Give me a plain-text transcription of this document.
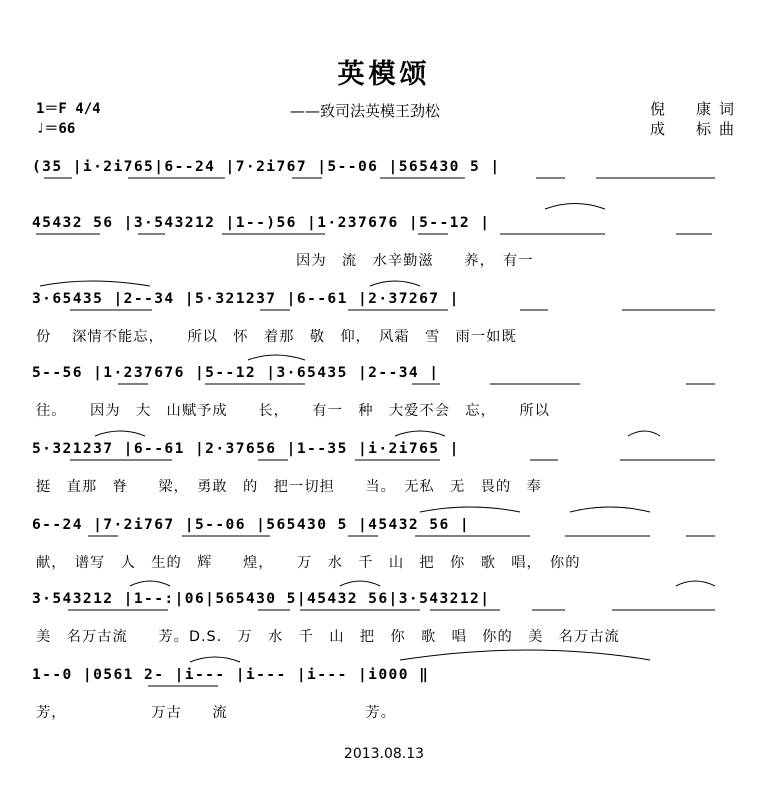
英模颂
——致司法英模王劲松
1＝F 4/4
♩＝66
倪　康词
成　标曲
(35 |i·2i765|6--24 |7·2i767 |5--06 |565430 5 |
45432 56 |3·543212 |1--)56 |1·237676 |5--12 |
　　　　　　　　　　　　　　　　　因为　流　水辛勤滋　　养，　有一
3·65435 |2--34 |5·321237 |6--61 |2·37267 |
份　 深情不能忘，　　所以　怀　着那　敬　仰，　风霜　雪　雨一如既
5--56 |1·237676 |5--12 |3·65435 |2--34 |
往。　　因为　大　山赋予成　　长，　　有一　种　大爱不会　忘，　　所以
5·321237 |6--61 |2·37656 |1--35 |i·2i765 |
挺　直那　脊　　梁，　勇敢　的　把一切担　　当。　无私　无　畏的　奉
6--24 |7·2i767 |5--06 |565430 5 |45432 56 |
献，　谱写　人　生的　辉　　煌，　　万　水　千　山　把　你　歌　唱，　你的
3·543212 |1--:|06|565430 5|45432 56|3·543212|
美　名万古流　　芳。D.S.　万　水　千　山　把　你　歌　唱　你的　美　名万古流
1--0 |0561 2- |i--- |i--- |i--- |i000 ‖
芳，　　　　　　万古　　流　　　　　　　　　芳。
2013.08.13
